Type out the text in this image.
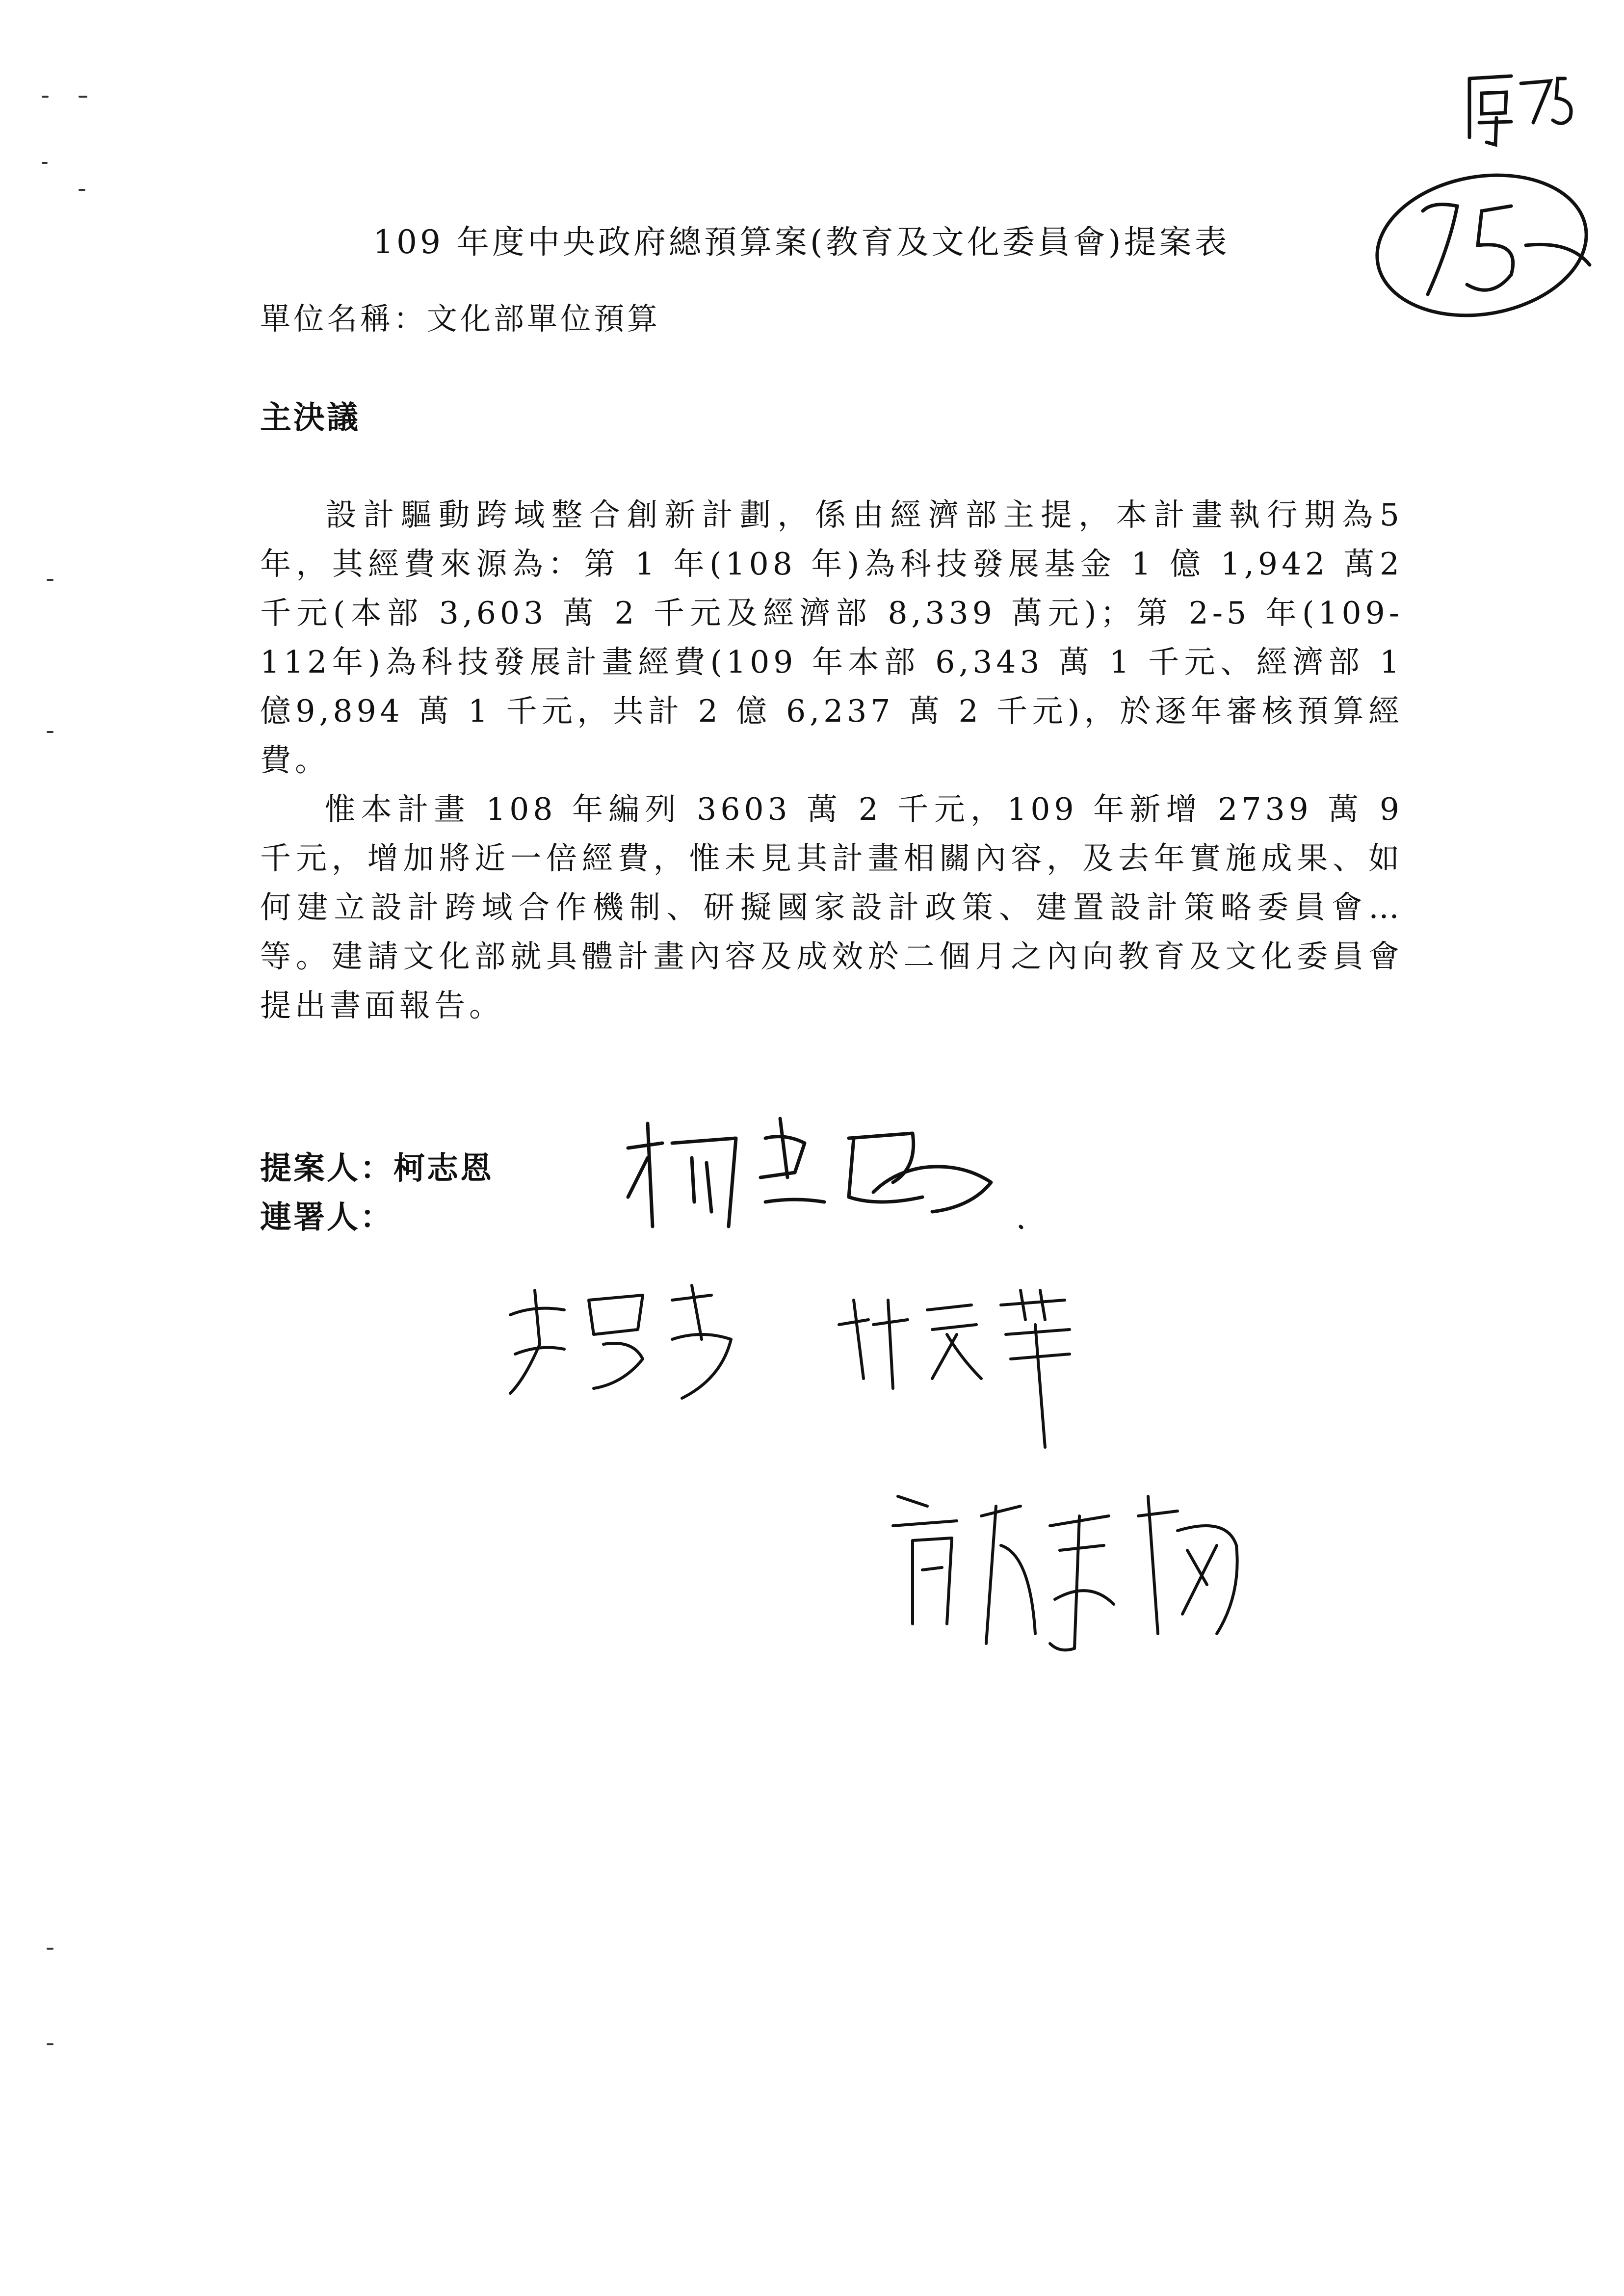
109 年度中央政府總預算案(教育及文化委員會)提案表
單位名稱：文化部單位預算
主決議

設計驅動跨域整合創新計劃，係由經濟部主提，本計畫執行期為5 年，其經費來源為：第 1 年(108 年)為科技發展基金 1 億 1,942 萬2 千元(本部 3,603 萬 2 千元及經濟部 8,339 萬元)；第 2-5 年(109-112年)為科技發展計畫經費(109 年本部 6,343 萬 1 千元、經濟部 1 億9,894 萬 1 千元，共計 2 億 6,237 萬 2 千元)，於逐年審核預算經費。

惟本計畫 108 年編列 3603 萬 2 千元，109 年新增 2739 萬 9 千元，增加將近一倍經費，惟未見其計畫相關內容，及去年實施成果、如何建立設計跨域合作機制、研擬國家設計政策、建置設計策略委員會…等。建請文化部就具體計畫內容及成效於二個月之內向教育及文化委員會提出書面報告。

提案人：柯志恩
連署人：
